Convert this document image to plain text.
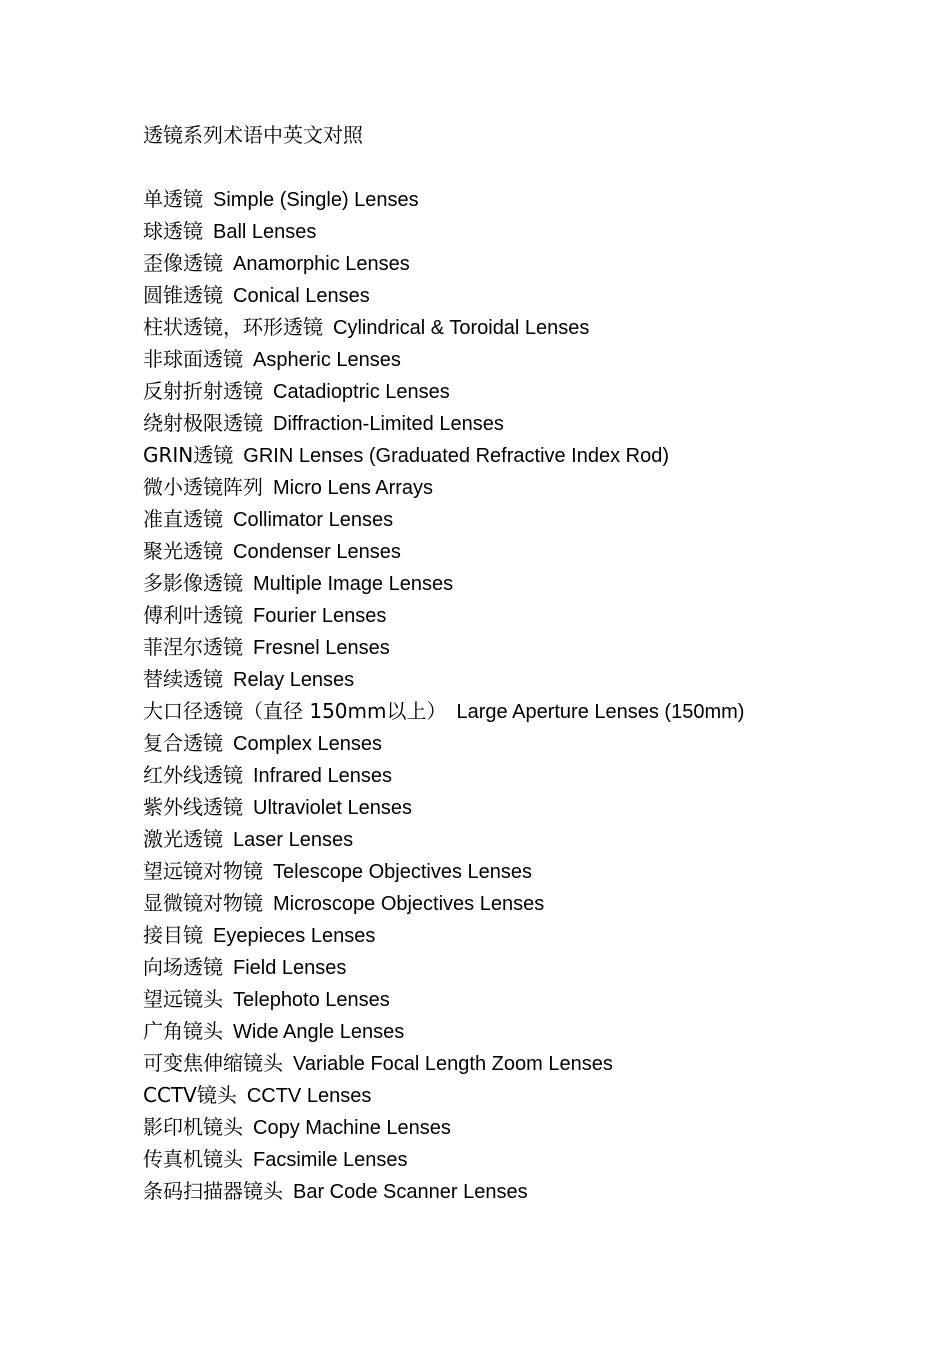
透镜系列术语中英文对照
单透镜 Simple (Single) Lenses
球透镜 Ball Lenses
歪像透镜 Anamorphic Lenses
圆锥透镜 Conical Lenses
柱状透镜，环形透镜 Cylindrical & Toroidal Lenses
非球面透镜 Aspheric Lenses
反射折射透镜 Catadioptric Lenses
绕射极限透镜 Diffraction-Limited Lenses
GRIN透镜 GRIN Lenses (Graduated Refractive Index Rod)
微小透镜阵列 Micro Lens Arrays
准直透镜 Collimator Lenses
聚光透镜 Condenser Lenses
多影像透镜 Multiple Image Lenses
傅利叶透镜 Fourier Lenses
菲涅尔透镜 Fresnel Lenses
替续透镜 Relay Lenses
大口径透镜（直径 150mm以上） Large Aperture Lenses (150mm)
复合透镜 Complex Lenses
红外线透镜 Infrared Lenses
紫外线透镜 Ultraviolet Lenses
激光透镜 Laser Lenses
望远镜对物镜 Telescope Objectives Lenses
显微镜对物镜 Microscope Objectives Lenses
接目镜 Eyepieces Lenses
向场透镜 Field Lenses
望远镜头 Telephoto Lenses
广角镜头 Wide Angle Lenses
可变焦伸缩镜头 Variable Focal Length Zoom Lenses
CCTV镜头 CCTV Lenses
影印机镜头 Copy Machine Lenses
传真机镜头 Facsimile Lenses
条码扫描器镜头 Bar Code Scanner Lenses
